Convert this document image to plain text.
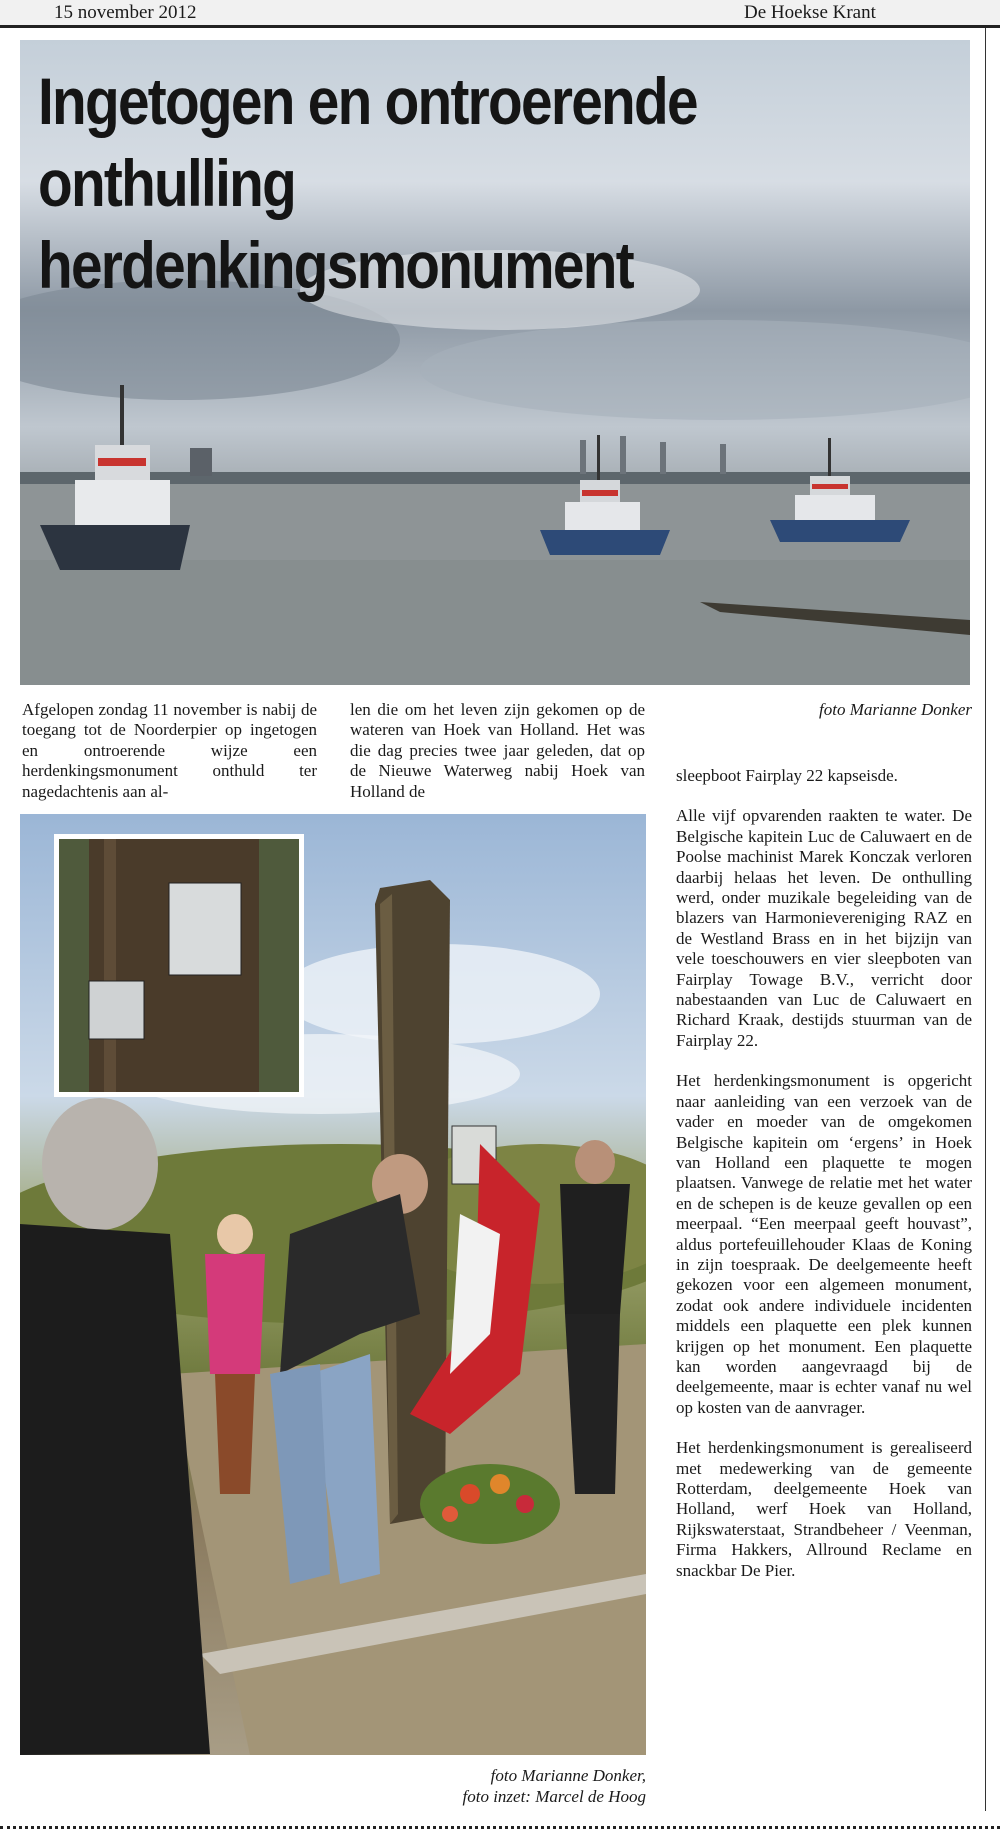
15 november 2012	De Hoekse Krant
Ingetogen en ontroerende onthulling
herdenkingsmonument
Afgelopen zondag 11 november is nabij de toegang tot de Noorderpier op ingetogen en ontroerende wijze een herdenkingsmonument onthuld ter nagedachtenis aan al-
len die om het leven zijn gekomen op de wateren van Hoek van Holland. Het was die dag precies twee jaar geleden, dat op de Nieuwe Waterweg nabij Hoek van Holland de
foto Marianne Donker

sleepboot Fairplay 22 kapseisde.

Alle vijf opvarenden raakten te water. De Belgische kapitein Luc de Caluwaert en de Poolse machinist Marek Konczak verloren daarbij helaas het leven. De onthulling werd, onder muzikale begeleiding van de blazers van Harmonievereniging RAZ en de Westland Brass en in het bijzijn van vele toeschouwers en vier sleepboten van Fairplay Towage B.V., verricht door nabestaanden van Luc de Caluwaert en Richard Kraak, destijds stuurman van de Fairplay 22.

Het herdenkingsmonument is opgericht naar aanleiding van een verzoek van de vader en moeder van de omgekomen Belgische kapitein om ‘ergens’ in Hoek van Holland een plaquette te mogen plaatsen. Vanwege de relatie met het water en de schepen is de keuze gevallen op een meerpaal. “Een meerpaal geeft houvast”, aldus portefeuillehouder Klaas de Koning in zijn toespraak. De deelgemeente heeft gekozen voor een algemeen monument, zodat ook andere individuele incidenten middels een plaquette een plek kunnen krijgen op het monument. Een plaquette kan worden aangevraagd bij de deelgemeente, maar is echter vanaf nu wel op kosten van de aanvrager.

Het herdenkingsmonument is gerealiseerd met medewerking van de gemeente Rotterdam, deelgemeente Hoek van Holland, werf Hoek van Holland, Rijkswaterstaat, Strandbeheer / Veenman, Firma Hakkers, Allround Reclame en snackbar De Pier.

foto Marianne Donker,
foto inzet: Marcel de Hoog
